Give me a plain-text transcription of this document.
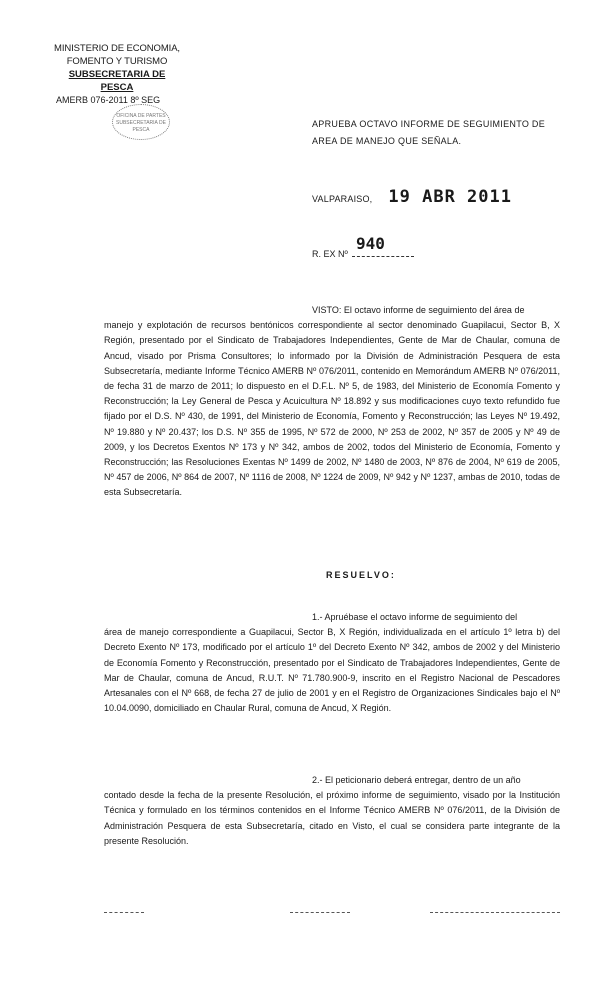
MINISTERIO DE ECONOMIA,
FOMENTO Y TURISMO
SUBSECRETARIA DE PESCA
AMERB 076-2011 8º SEG
OFICINA DE PARTES SUBSECRETARIA DE PESCA
APRUEBA OCTAVO INFORME DE SEGUIMIENTO DE AREA DE MANEJO QUE SEÑALA.
VALPARAISO, 19 ABR 2011
940
R. EX Nº
VISTO: El octavo informe de seguimiento del área de
manejo y explotación de recursos bentónicos correspondiente al sector denominado Guapilacui, Sector B, X Región, presentado por el Sindicato de Trabajadores Independientes, Gente de Mar de Chaular, comuna de Ancud, visado por Prisma Consultores; lo informado por la División de Administración Pesquera de esta Subsecretaría, mediante Informe Técnico AMERB Nº 076/2011, contenido en Memorándum AMERB Nº 076/2011, de fecha 31 de marzo de 2011; lo dispuesto en el D.F.L. Nº 5, de 1983, del Ministerio de Economía Fomento y Reconstrucción; la Ley General de Pesca y Acuicultura Nº 18.892 y sus modificaciones cuyo texto refundido fue fijado por el D.S. Nº 430, de 1991, del Ministerio de Economía, Fomento y Reconstrucción; las Leyes Nº 19.492, Nº 19.880 y Nº 20.437; los D.S. Nº 355 de 1995, Nº 572 de 2000, Nº 253 de 2002, Nº 357 de 2005 y Nº 49 de 2009, y los Decretos Exentos Nº 173 y Nº 342, ambos de 2002, todos del Ministerio de Economía, Fomento y Reconstrucción; las Resoluciones Exentas Nº 1499 de 2002, Nº 1480 de 2003, Nº 876 de 2004, Nº 619 de 2005, Nº 457 de 2006, Nº 864 de 2007, Nº 1116 de 2008, Nº 1224 de 2009, Nº 942 y Nº 1237, ambas de 2010, todas de esta Subsecretaría.
RESUELVO:
1.- Apruébase el octavo informe de seguimiento del
área de manejo correspondiente a Guapilacui, Sector B, X Región, individualizada en el artículo 1º letra b) del Decreto Exento Nº 173, modificado por el artículo 1º del Decreto Exento Nº 342, ambos de 2002 y del Ministerio de Economía Fomento y Reconstrucción, presentado por el Sindicato de Trabajadores Independientes, Gente de Mar de Chaular, comuna de Ancud, R.U.T. Nº 71.780.900-9, inscrito en el Registro Nacional de Pescadores Artesanales con el Nº 668, de fecha 27 de julio de 2001 y en el Registro de Organizaciones Sindicales bajo el Nº 10.04.0090, domiciliado en Chaular Rural, comuna de Ancud, X Región.
2.- El peticionario deberá entregar, dentro de un año
contado desde la fecha de la presente Resolución, el próximo informe de seguimiento, visado por la Institución Técnica y formulado en los términos contenidos en el Informe Técnico AMERB Nº 076/2011, de la División de Administración Pesquera de esta Subsecretaría, citado en Visto, el cual se considera parte integrante de la presente Resolución.
